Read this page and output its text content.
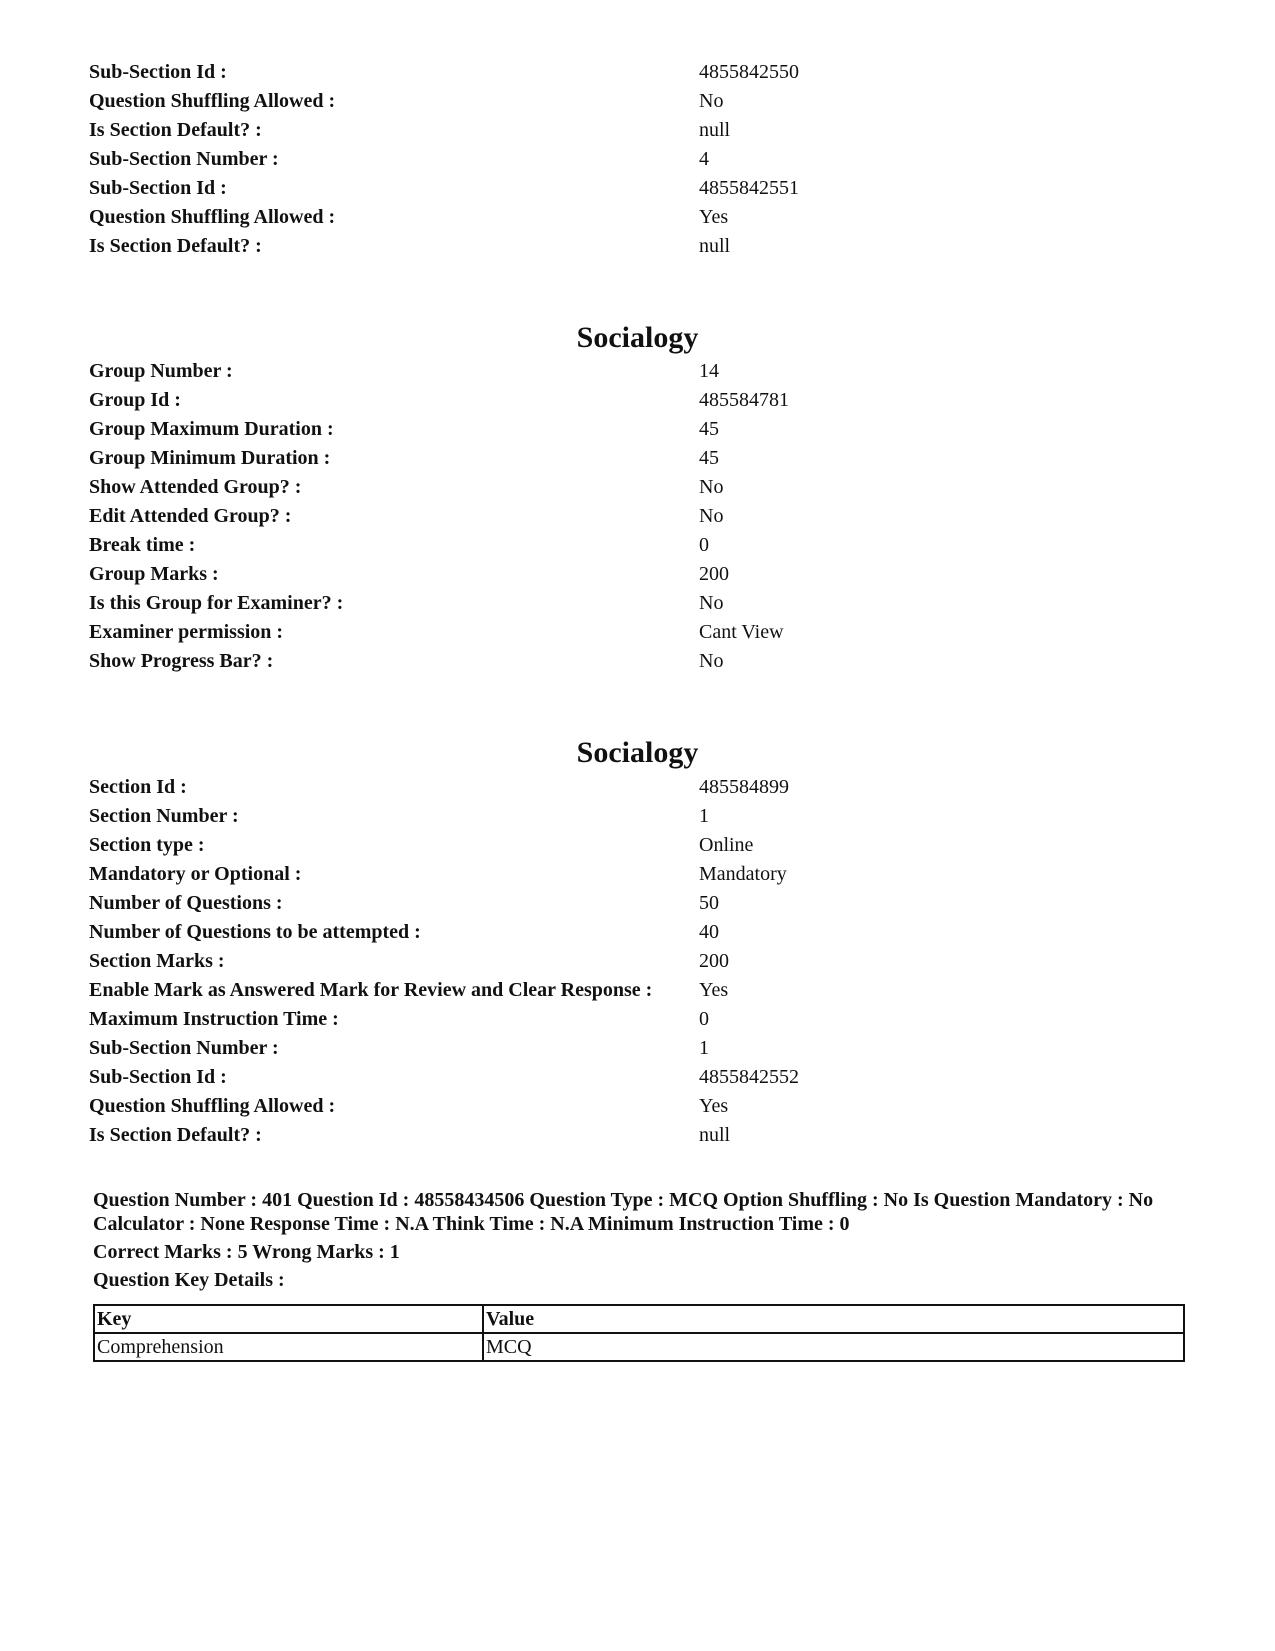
Sub-Section Id :	4855842550
Question Shuffling Allowed :	No
Is Section Default? :	null
Sub-Section Number :	4
Sub-Section Id :	4855842551
Question Shuffling Allowed :	Yes
Is Section Default? :	null
Socialogy
Group Number :	14
Group Id :	485584781
Group Maximum Duration :	45
Group Minimum Duration :	45
Show Attended Group? :	No
Edit Attended Group? :	No
Break time :	0
Group Marks :	200
Is this Group for Examiner? :	No
Examiner permission :	Cant View
Show Progress Bar? :	No
Socialogy
Section Id :	485584899
Section Number :	1
Section type :	Online
Mandatory or Optional :	Mandatory
Number of Questions :	50
Number of Questions to be attempted :	40
Section Marks :	200
Enable Mark as Answered Mark for Review and Clear Response : Yes
Maximum Instruction Time :	0
Sub-Section Number :	1
Sub-Section Id :	4855842552
Question Shuffling Allowed :	Yes
Is Section Default? :	null

Question Number : 401 Question Id : 48558434506 Question Type : MCQ Option Shuffling : No Is Question Mandatory : No Calculator : None Response Time : N.A Think Time : N.A Minimum Instruction Time : 0

Correct Marks : 5 Wrong Marks : 1

Question Key Details :

Key	Value
Comprehension	MCQ
